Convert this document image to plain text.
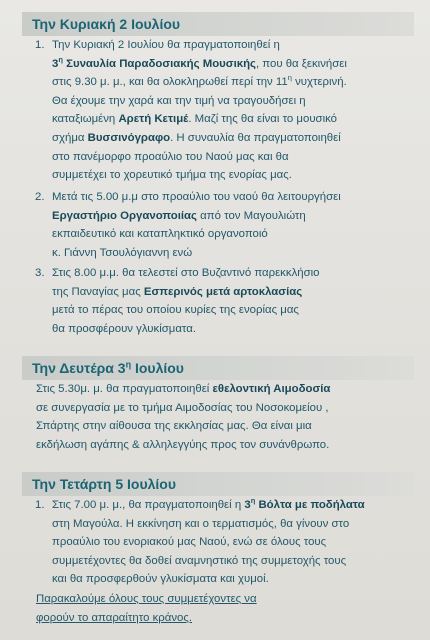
Την Κυριακή 2 Ιουλίου
1. Την Κυριακή 2 Ιουλίου θα πραγματοποιηθεί η
$3^\eta$ Συναυλία Παραδοσιακής Μουσικής, που θα ξεκινήσει
στις 9.30 μ. μ., και θα ολοκληρωθεί περί την $11^\eta$ νυχτερινή.
Θα έχουμε την χαρά και την τιμή να τραγουδήσει η
καταξιωμένη Αρετή Κετιμέ. Μαζί της θα είναι το μουσικό
σχήμα Βυσσινόγραφο. Η συναυλία θα πραγματοποιηθεί
στο πανέμορφο προαύλιο του Ναού μας και θα
συμμετέχει το χορευτικό τμήμα της ενορίας μας.
2. Μετά τις 5.00 μ.μ στο προαύλιο του ναού θα λειτουργήσει
Εργαστήριο Οργανοποιίας από τον Μαγουλιώτη
εκπαιδευτικό και καταπληκτικό οργανοποιό
κ. Γιάννη Τσουλόγιαννη ενώ
3. Στις 8.00 μ.μ. θα τελεστεί στο Βυζαντινό παρεκκλήσιο
της Παναγίας μας Εσπερινός μετά αρτοκλασίας
μετά το πέρας του οποίου κυρίες της ενορίας μας
θα προσφέρουν γλυκίσματα.
Την Δευτέρα $3^\eta$ Ιουλίου
Στις 5.30μ. μ. θα πραγματοποιηθεί εθελοντική Αιμοδοσία
σε συνεργασία με το τμήμα Αιμοδοσίας του Νοσοκομείου ,
Σπάρτης στην αίθουσα της εκκλησίας μας. Θα είναι μια
εκδήλωση αγάπης & αλληλεγγύης προς τον συνάνθρωπο.
Την Τετάρτη 5 Ιουλίου
1. Στις 7.00 μ. μ., θα πραγματοποιηθεί η $3^\eta$ Βόλτα με ποδήλατα
στη Μαγούλα. Η εκκίνηση και ο τερματισμός, θα γίνουν στο
προαύλιο του ενοριακού μας Ναού, ενώ σε όλους τους
συμμετέχοντες θα δοθεί αναμνηστικό της συμμετοχής τους
και θα προσφερθούν γλυκίσματα και χυμοί.
Παρακαλούμε όλους τους συμμετέχοντες να
φορούν το απαραίτητο κράνος.
